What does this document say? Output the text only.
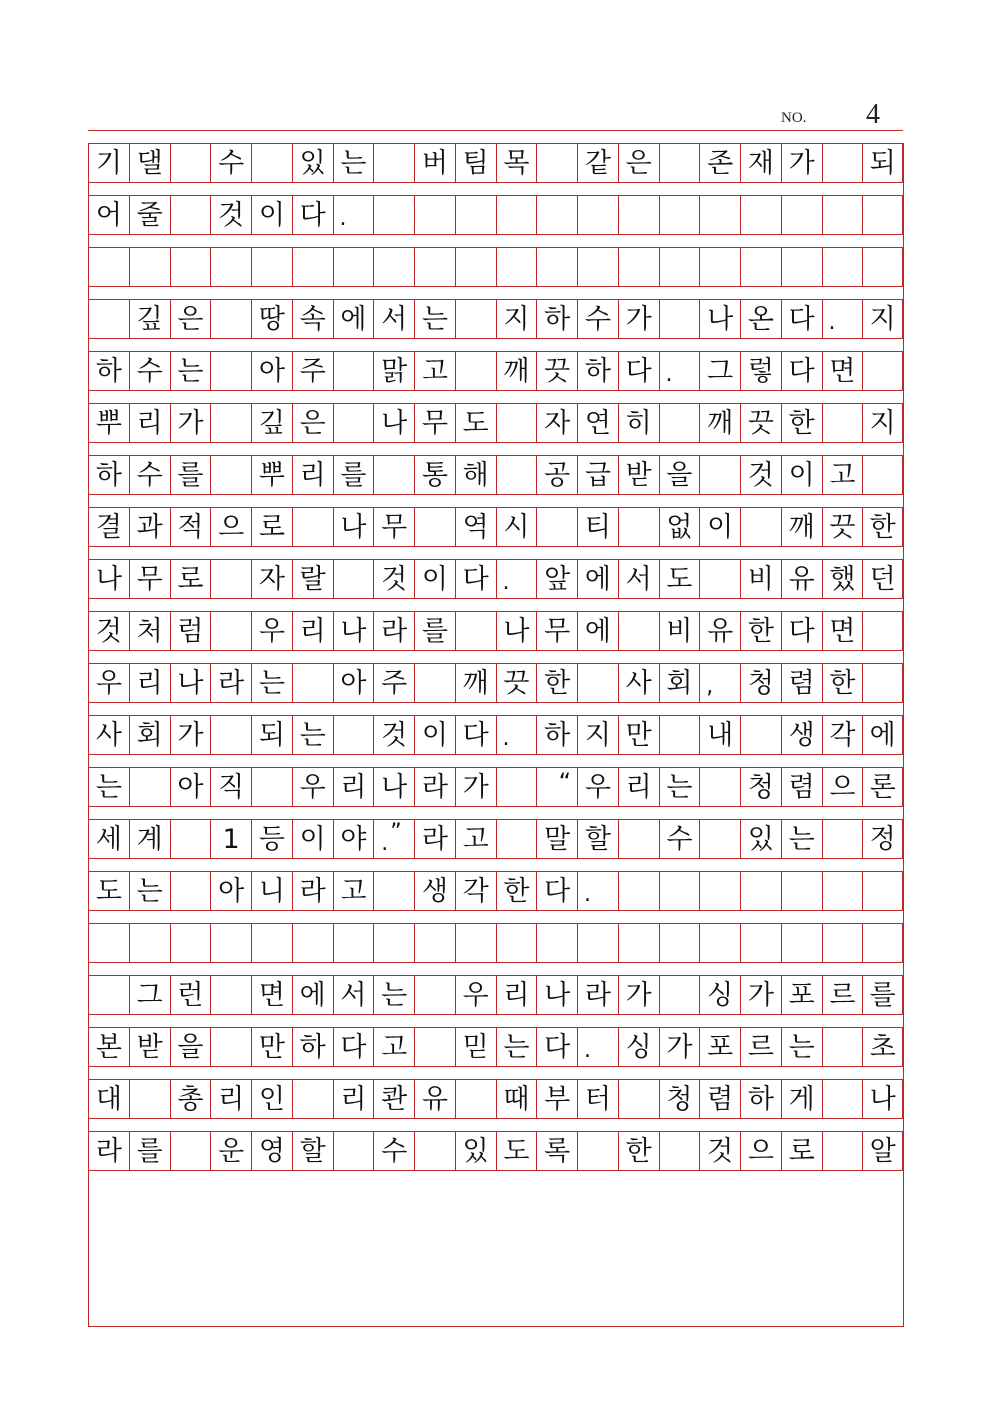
NO. 4
기 댈 수 있 는 버 팀 목 같 은 존 재 가 되
어 줄 것 이 다 .
깊 은 땅 속 에 서 는 지 하 수 가 나 온 다 .	지
하 수 는 아 주 맑 고 깨 끗 하 다 .	그 렇 다 면
뿌 리 가 깊 은 나 무 도 자 연 히 깨 끗 한 지
하 수 를 뿌 리 를 통 해 공 급 받 을 것 이 고
결 과 적 으 로 나 무 역 시 티 없 이 깨 끗 한
나 무 로 자 랄 것 이 다 .	앞 에 서 도 비 유 했 던
것 처 럼 우 리 나 라 를 나 무 에 비 유 한 다 면
우 리 나 라 는 아 주 깨 끗 한 사 회 ,	청 렴 한
사 회 가 되 는 것 이 다 .	하 지 만 내 생 각 에
는 아 직 우 리 나 라 가	“ 우 리 는 청 렴 으 론
세 계	1 등 이 야 . ” 라 고 말 할 수 있 는 정
도 는 아 니 라 고 생 각 한 다 .
그 런 면 에 서 는 우 리 나 라 가 싱 가 포 르 를
본 받 을 만 하 다 고 믿 는 다 .	싱 가 포 르 는 초
대 총 리 인 리 콴 유 때 부 터 청 렴 하 게 나
라 를 운 영 할 수 있 도 록 한 것 으 로 알
